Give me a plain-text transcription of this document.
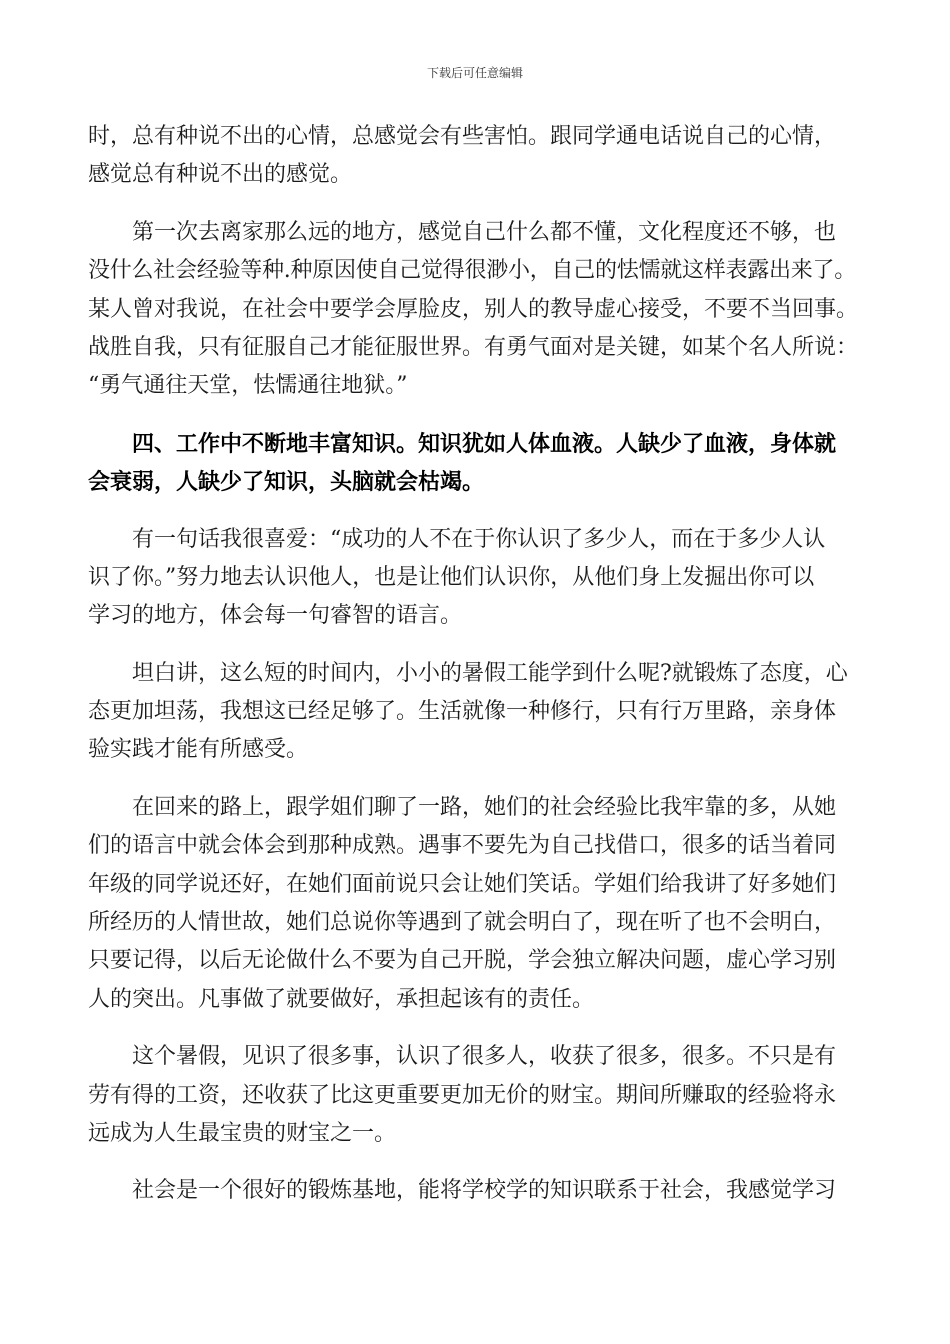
下载后可任意编辑
时，总有种说不出的心情，总感觉会有些害怕。跟同学通电话说自己的心情，
感觉总有种说不出的感觉。
　　第一次去离家那么远的地方，感觉自己什么都不懂，文化程度还不够，也
没什么社会经验等种.种原因使自己觉得很渺小，自己的怯懦就这样表露出来了。
某人曾对我说，在社会中要学会厚脸皮，别人的教导虚心接受，不要不当回事。
战胜自我，只有征服自己才能征服世界。有勇气面对是关键，如某个名人所说：
“勇气通往天堂，怯懦通往地狱。”
　　四、工作中不断地丰富知识。知识犹如人体血液。人缺少了血液，身体就
会衰弱，人缺少了知识，头脑就会枯竭。
　　有一句话我很喜爱：“成功的人不在于你认识了多少人，而在于多少人认
识了你。”努力地去认识他人，也是让他们认识你，从他们身上发掘出你可以
学习的地方，体会每一句睿智的语言。
　　坦白讲，这么短的时间内，小小的暑假工能学到什么呢?就锻炼了态度，心
态更加坦荡，我想这已经足够了。生活就像一种修行，只有行万里路，亲身体
验实践才能有所感受。
　　在回来的路上，跟学姐们聊了一路，她们的社会经验比我牢靠的多，从她
们的语言中就会体会到那种成熟。遇事不要先为自己找借口，很多的话当着同
年级的同学说还好，在她们面前说只会让她们笑话。学姐们给我讲了好多她们
所经历的人情世故，她们总说你等遇到了就会明白了，现在听了也不会明白，
只要记得，以后无论做什么不要为自己开脱，学会独立解决问题，虚心学习别
人的突出。凡事做了就要做好，承担起该有的责任。
　　这个暑假，见识了很多事，认识了很多人，收获了很多，很多。不只是有
劳有得的工资，还收获了比这更重要更加无价的财宝。期间所赚取的经验将永
远成为人生最宝贵的财宝之一。
　　社会是一个很好的锻炼基地，能将学校学的知识联系于社会，我感觉学习
